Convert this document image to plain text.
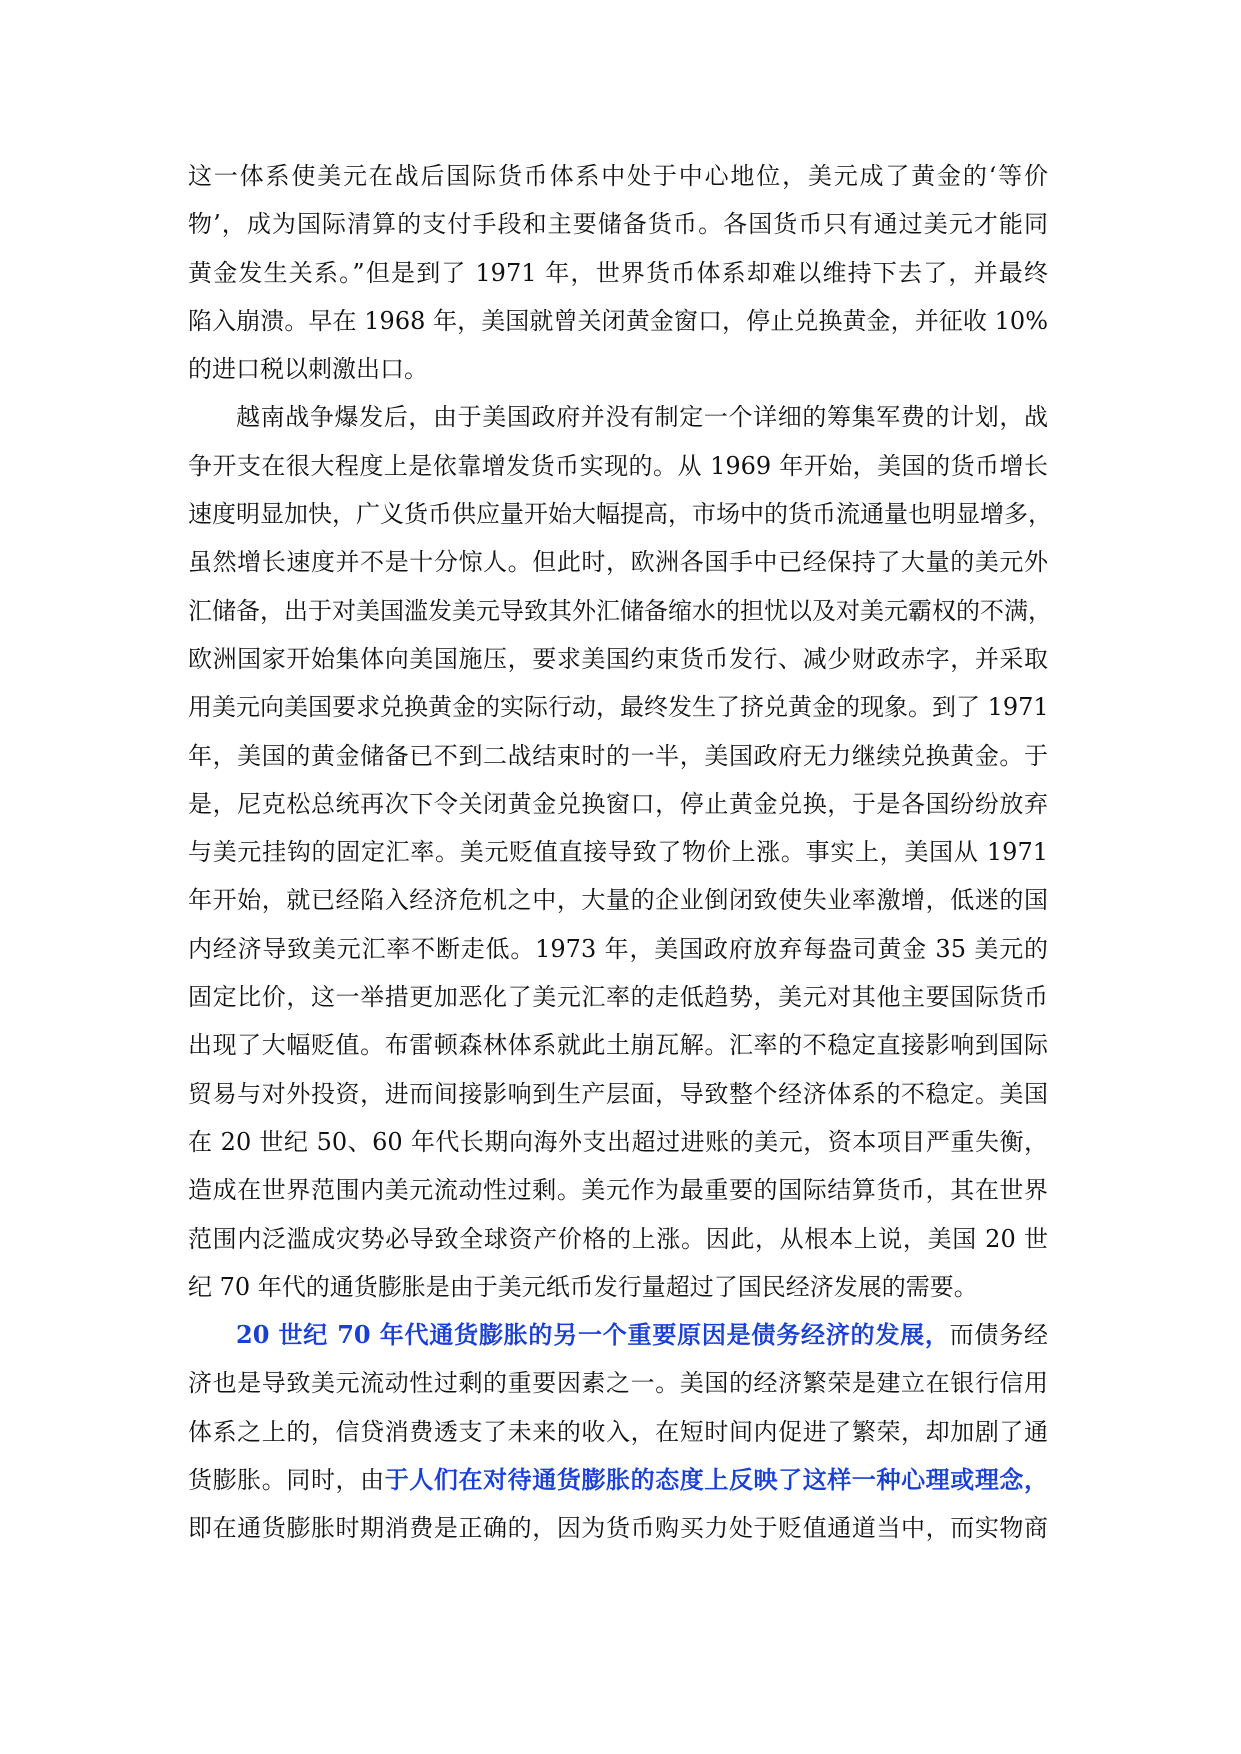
这一体系使美元在战后国际货币体系中处于中心地位，美元成了黄金的‘等价
物’，成为国际清算的支付手段和主要储备货币。各国货币只有通过美元才能同
黄金发生关系。”但是到了 1971 年，世界货币体系却难以维持下去了，并最终
陷入崩溃。早在 1968 年，美国就曾关闭黄金窗口，停止兑换黄金，并征收 10%
的进口税以刺激出口。
越南战争爆发后，由于美国政府并没有制定一个详细的筹集军费的计划，战
争开支在很大程度上是依靠增发货币实现的。从 1969 年开始，美国的货币增长
速度明显加快，广义货币供应量开始大幅提高，市场中的货币流通量也明显增多，
虽然增长速度并不是十分惊人。但此时，欧洲各国手中已经保持了大量的美元外
汇储备，出于对美国滥发美元导致其外汇储备缩水的担忧以及对美元霸权的不满，
欧洲国家开始集体向美国施压，要求美国约束货币发行、减少财政赤字，并采取
用美元向美国要求兑换黄金的实际行动，最终发生了挤兑黄金的现象。到了 1971
年，美国的黄金储备已不到二战结束时的一半，美国政府无力继续兑换黄金。于
是，尼克松总统再次下令关闭黄金兑换窗口，停止黄金兑换，于是各国纷纷放弃
与美元挂钩的固定汇率。美元贬值直接导致了物价上涨。事实上，美国从 1971
年开始，就已经陷入经济危机之中，大量的企业倒闭致使失业率激增，低迷的国
内经济导致美元汇率不断走低。1973 年，美国政府放弃每盎司黄金 35 美元的
固定比价，这一举措更加恶化了美元汇率的走低趋势，美元对其他主要国际货币
出现了大幅贬值。布雷顿森林体系就此土崩瓦解。汇率的不稳定直接影响到国际
贸易与对外投资，进而间接影响到生产层面，导致整个经济体系的不稳定。美国
在 20 世纪 50、60 年代长期向海外支出超过进账的美元，资本项目严重失衡，
造成在世界范围内美元流动性过剩。美元作为最重要的国际结算货币，其在世界
范围内泛滥成灾势必导致全球资产价格的上涨。因此，从根本上说，美国 20 世
纪 70 年代的通货膨胀是由于美元纸币发行量超过了国民经济发展的需要。
20 世纪 70 年代通货膨胀的另一个重要原因是债务经济的发展，而债务经
济也是导致美元流动性过剩的重要因素之一。美国的经济繁荣是建立在银行信用
体系之上的，信贷消费透支了未来的收入，在短时间内促进了繁荣，却加剧了通
货膨胀。同时，由于人们在对待通货膨胀的态度上反映了这样一种心理或理念，
即在通货膨胀时期消费是正确的，因为货币购买力处于贬值通道当中，而实物商
